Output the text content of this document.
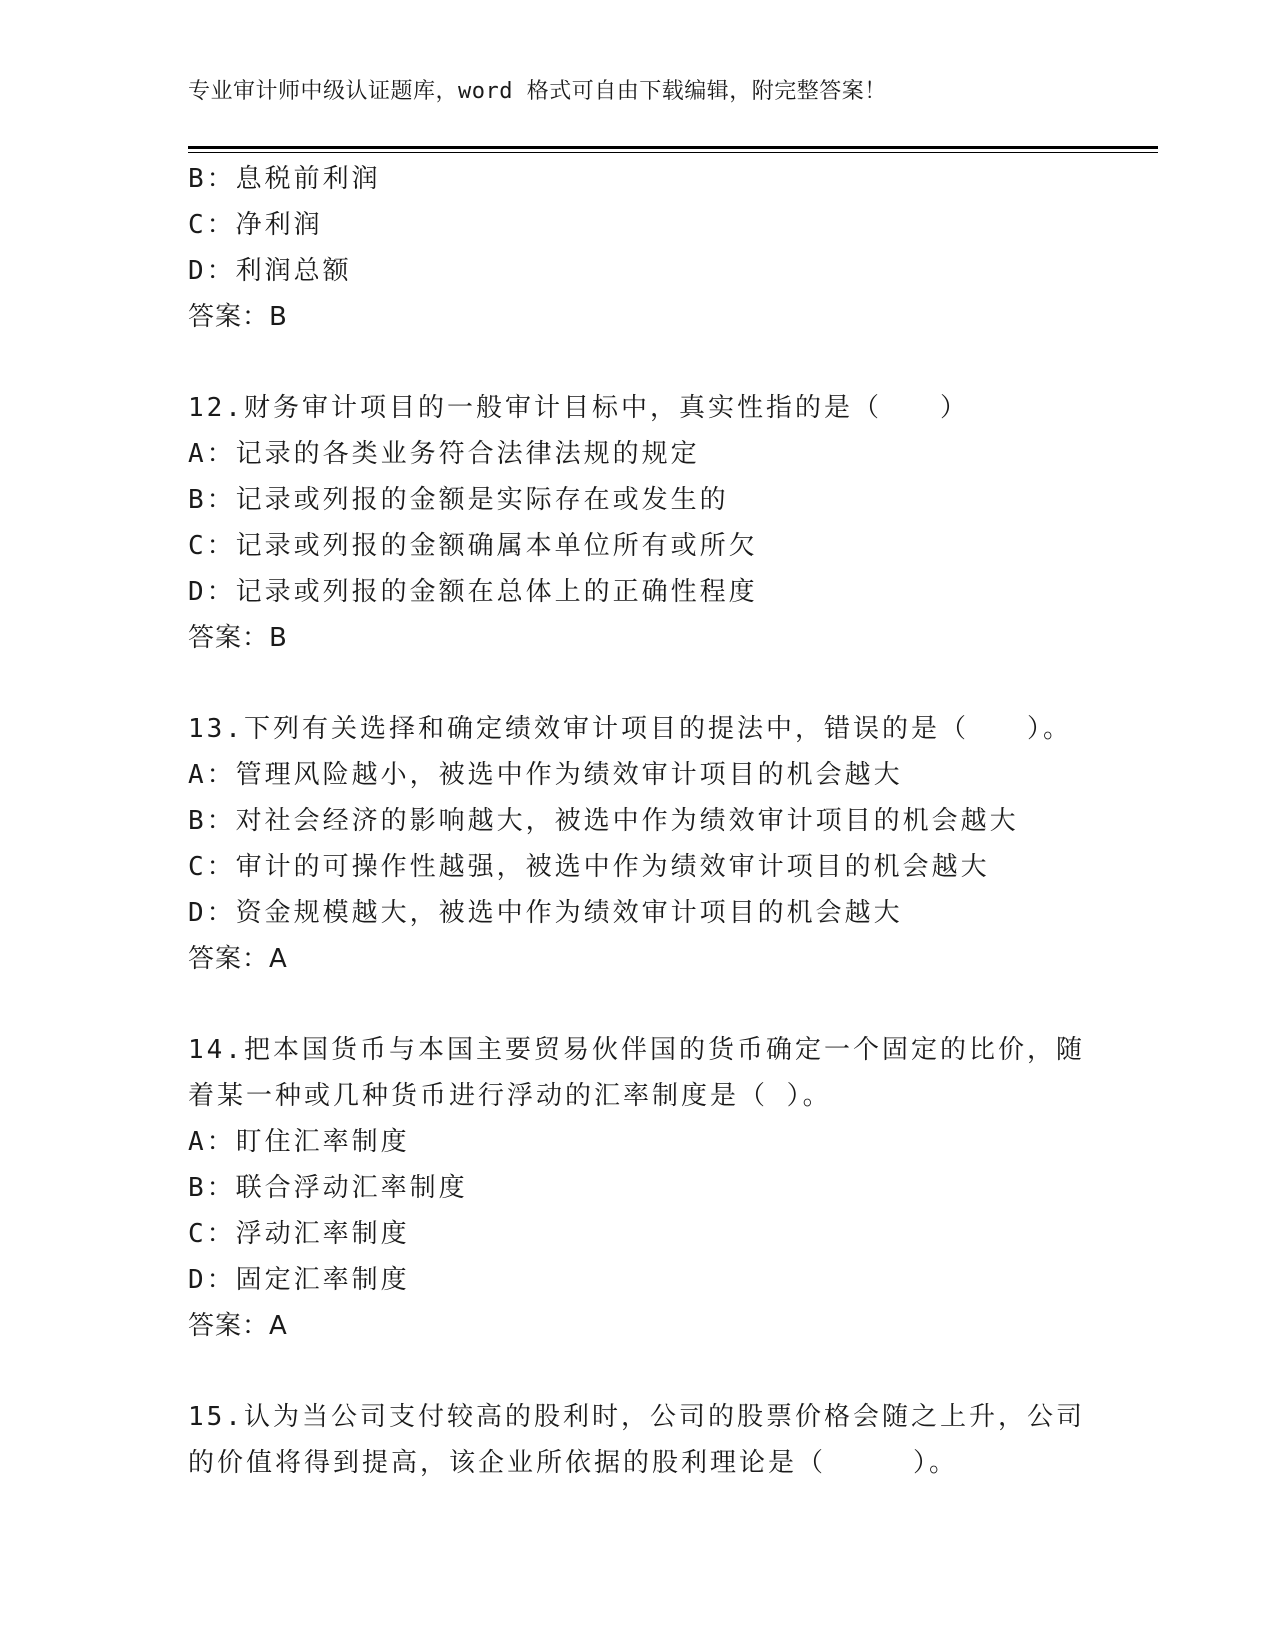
专业审计师中级认证题库，word 格式可自由下载编辑，附完整答案！
B：息税前利润
C：净利润
D：利润总额
答案：B
12.财务审计项目的一般审计目标中，真实性指的是（　　）
A：记录的各类业务符合法律法规的规定
B：记录或列报的金额是实际存在或发生的
C：记录或列报的金额确属本单位所有或所欠
D：记录或列报的金额在总体上的正确性程度
答案：B
13.下列有关选择和确定绩效审计项目的提法中，错误的是（　　）。
A：管理风险越小，被选中作为绩效审计项目的机会越大
B：对社会经济的影响越大，被选中作为绩效审计项目的机会越大
C：审计的可操作性越强，被选中作为绩效审计项目的机会越大
D：资金规模越大，被选中作为绩效审计项目的机会越大
答案：A
14.把本国货币与本国主要贸易伙伴国的货币确定一个固定的比价，随
着某一种或几种货币进行浮动的汇率制度是（ ）。
A：盯住汇率制度
B：联合浮动汇率制度
C：浮动汇率制度
D：固定汇率制度
答案：A
15.认为当公司支付较高的股利时，公司的股票价格会随之上升，公司
的价值将得到提高，该企业所依据的股利理论是（　　　）。
